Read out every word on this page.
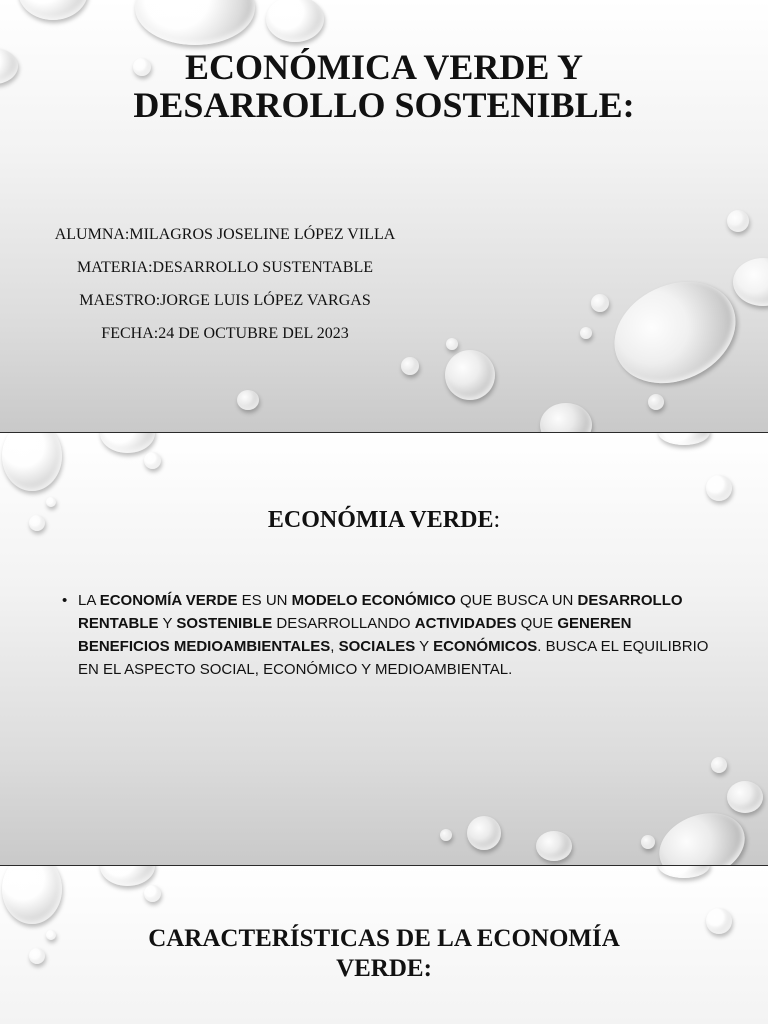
ECONÓMICA VERDE Y
DESARROLLO SOSTENIBLE:
ALUMNA:MILAGROS JOSELINE LÓPEZ VILLA
MATERIA:DESARROLLO SUSTENTABLE
MAESTRO:JORGE LUIS LÓPEZ VARGAS
FECHA:24 DE OCTUBRE DEL 2023
ECONÓMIA VERDE:
• LA ECONOMÍA VERDE ES UN MODELO ECONÓMICO QUE BUSCA UN DESARROLLO RENTABLE Y SOSTENIBLE DESARROLLANDO ACTIVIDADES QUE GENEREN BENEFICIOS MEDIOAMBIENTALES, SOCIALES Y ECONÓMICOS. BUSCA EL EQUILIBRIO EN EL ASPECTO SOCIAL, ECONÓMICO Y MEDIOAMBIENTAL.
CARACTERÍSTICAS DE LA ECONOMÍA
VERDE:
